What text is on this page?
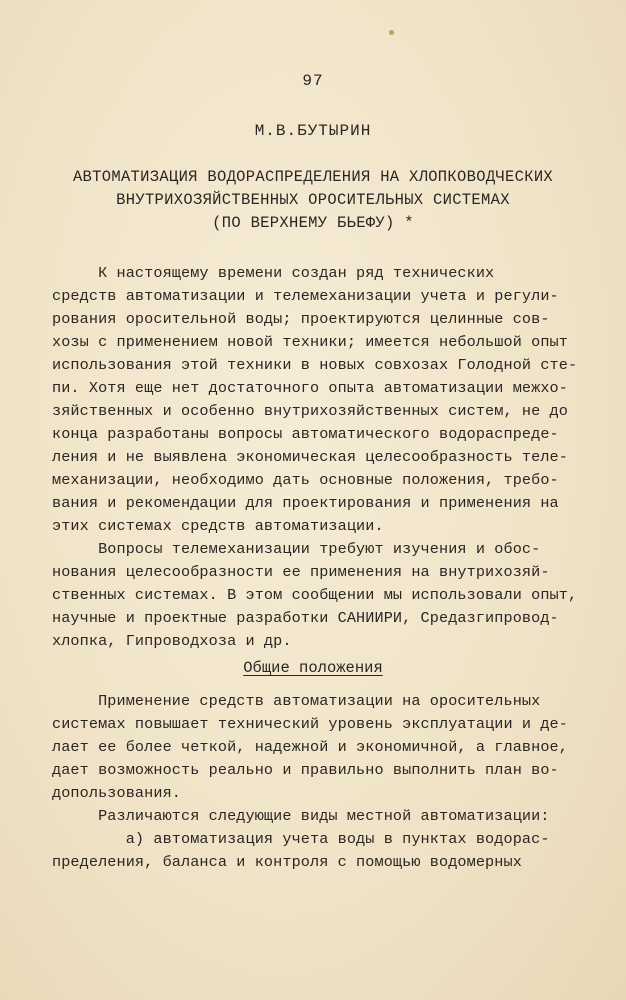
97
М.В.БУТЫРИН
АВТОМАТИЗАЦИЯ ВОДОРАСПРЕДЕЛЕНИЯ НА ХЛОПКОВОДЧЕСКИХ
ВНУТРИХОЗЯЙСТВЕННЫХ ОРОСИТЕЛЬНЫХ СИСТЕМАХ
(ПО ВЕРХНЕМУ БЬЕФУ) *
К настоящему времени создан ряд технических
средств автоматизации и телемеханизации учета и регули-
рования оросительной воды; проектируются целинные сов-
хозы с применением новой техники; имеется небольшой опыт
использования этой техники в новых совхозах Голодной сте-
пи. Хотя еще нет достаточного опыта автоматизации межхо-
зяйственных и особенно внутрихозяйственных систем, не до
конца разработаны вопросы автоматического водораспреде-
ления и не выявлена экономическая целесообразность теле-
механизации, необходимо дать основные положения, требо-
вания и рекомендации для проектирования и применения на
этих системах средств автоматизации.
Вопросы телемеханизации требуют изучения и обос-
нования целесообразности ее применения на внутрихозяй-
ственных системах. В этом сообщении мы использовали опыт,
научные и проектные разработки САНИИРИ, Средазгипровод-
хлопка, Гипроводхоза и др.
Общие положения
Применение средств автоматизации на оросительных
системах повышает технический уровень эксплуатации и де-
лает ее более четкой, надежной и экономичной, а главное,
дает возможность реально и правильно выполнить план во-
допользования.
Различаются следующие виды местной автоматизации:
а) автоматизация учета воды в пунктах водорас-
пределения, баланса и контроля с помощью водомерных
